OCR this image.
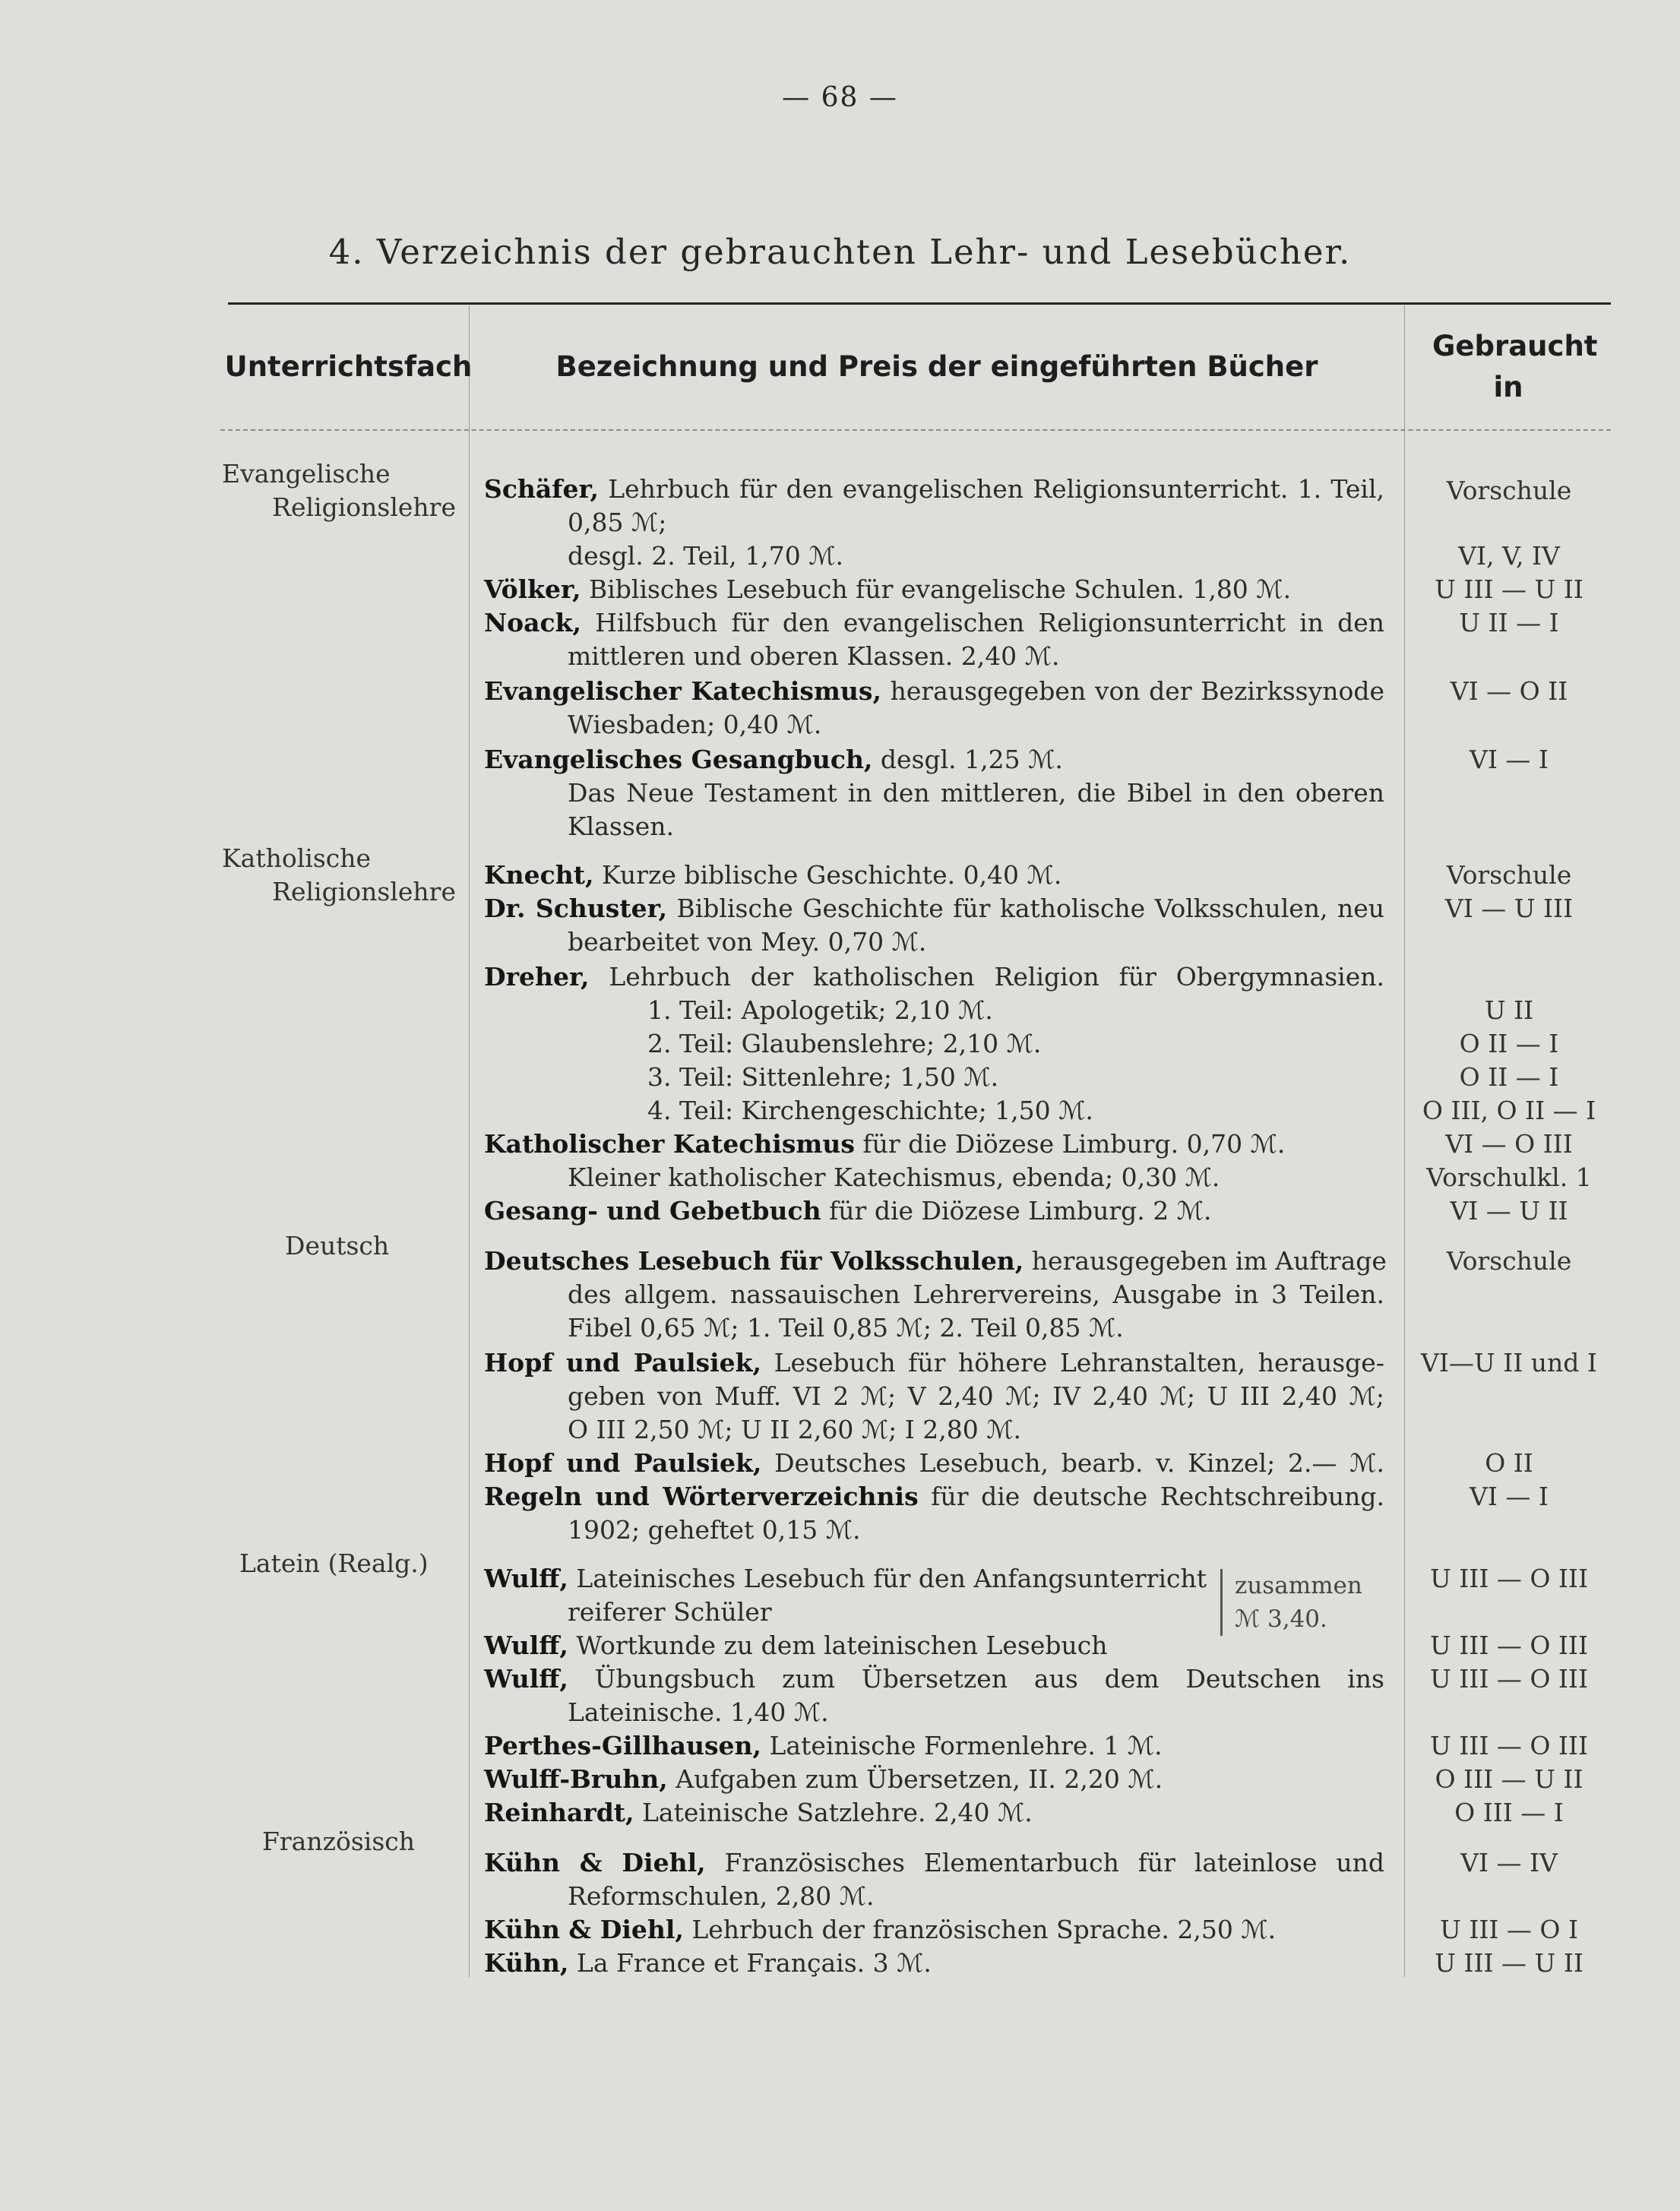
— 68 —
4. Verzeichnis der gebrauchten Lehr- und Lesebücher.
Unterrichtsfach	Bezeichnung und Preis der eingeführten Bücher
Gebraucht in
Evangelische
Religionslehre
Katholische
Religionslehre
Deutsch
Latein (Realg.)
Französisch
Schäfer, Lehrbuch für den evangelischen Religionsunterricht. 1. Teil,
0,85 ℳ;
desgl. 2. Teil, 1,70 ℳ.
Völker, Biblisches Lesebuch für evangelische Schulen. 1,80 ℳ.
Noack, Hilfsbuch für den evangelischen Religionsunterricht in den
mittleren und oberen Klassen. 2,40 ℳ.
Evangelischer Katechismus, herausgegeben von der Bezirkssynode
Wiesbaden; 0,40 ℳ.
Evangelisches Gesangbuch, desgl. 1,25 ℳ.
Das Neue Testament in den mittleren, die Bibel in den oberen
Klassen.
Knecht, Kurze biblische Geschichte. 0,40 ℳ.
Dr. Schuster, Biblische Geschichte für katholische Volksschulen, neu
bearbeitet von Mey. 0,70 ℳ.
Dreher, Lehrbuch der katholischen Religion für Obergymnasien.
1. Teil: Apologetik; 2,10 ℳ.
2. Teil: Glaubenslehre; 2,10 ℳ.
3. Teil: Sittenlehre; 1,50 ℳ.
4. Teil: Kirchengeschichte; 1,50 ℳ.
Katholischer Katechismus für die Diözese Limburg. 0,70 ℳ.
Kleiner katholischer Katechismus, ebenda; 0,30 ℳ.
Gesang- und Gebetbuch für die Diözese Limburg. 2 ℳ.
Deutsches Lesebuch für Volksschulen, herausgegeben im Auftrage
des allgem. nassauischen Lehrervereins, Ausgabe in 3 Teilen.
Fibel 0,65 ℳ; 1. Teil 0,85 ℳ; 2. Teil 0,85 ℳ.
Hopf und Paulsiek, Lesebuch für höhere Lehranstalten, herausge-
geben von Muff. VI 2 ℳ; V 2,40 ℳ; IV 2,40 ℳ; U III 2,40 ℳ;
O III 2,50 ℳ; U II 2,60 ℳ; I 2,80 ℳ.
Hopf und Paulsiek, Deutsches Lesebuch, bearb. v. Kinzel; 2.— ℳ.
Regeln und Wörterverzeichnis für die deutsche Rechtschreibung.
1902; geheftet 0,15 ℳ.
Wulff, Lateinisches Lesebuch für den Anfangsunterricht
reiferer Schüler
Wulff, Wortkunde zu dem lateinischen Lesebuch
zusammen
ℳ 3,40.
Wulff, Übungsbuch zum Übersetzen aus dem Deutschen ins
Lateinische. 1,40 ℳ.
Perthes-Gillhausen, Lateinische Formenlehre. 1 ℳ.
Wulff-Bruhn, Aufgaben zum Übersetzen, II. 2,20 ℳ.
Reinhardt, Lateinische Satzlehre. 2,40 ℳ.
Kühn & Diehl, Französisches Elementarbuch für lateinlose und
Reformschulen, 2,80 ℳ.
Kühn & Diehl, Lehrbuch der französischen Sprache. 2,50 ℳ.
Kühn, La France et Français. 3 ℳ.
Vorschule
VI, V, IV
U III — U II
U II — I
VI — O II
VI — I
Vorschule
VI — U III
U II
O II — I
O II — I
O III, O II — I
VI — O III
Vorschulkl. 1
VI — U II
Vorschule
VI—U II und I
O II
VI — I
U III — O III
U III — O III
U III — O III
U III — O III
O III — U II
O III — I
VI — IV
U III — O I
U III — U II
